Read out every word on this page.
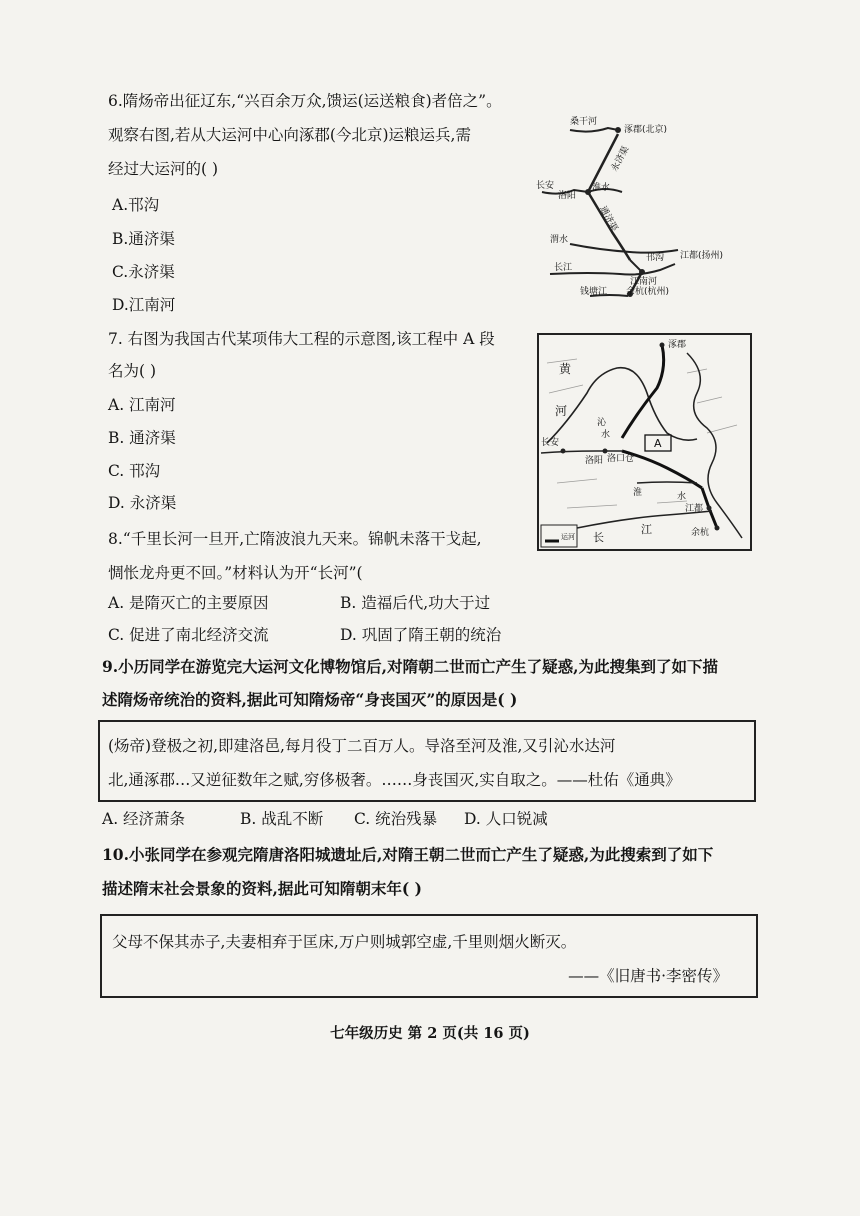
6.隋炀帝出征辽东,“兴百余万众,馈运(运送粮食)者倍之”。
观察右图,若从大运河中心向涿郡(今北京)运粮运兵,需
经过大运河的( )
A.邗沟
B.通济渠
C.永济渠
D.江南河
桑干河
涿郡(北京)
永济渠
长安
洛阳
渭水
通济渠
淮水
邗沟 江都(扬州)
长江
江南河
钱塘江 余杭(杭州)
7. 右图为我国古代某项伟大工程的示意图,该工程中 A 段
名为( )
A. 江南河
B. 通济渠
C. 邗沟
D. 永济渠
涿郡
黄
河
沁
水
长安
洛阳 洛口仓
A
淮	水
江都
余杭
长
江
运河
8.“千里长河一旦开,亡隋波浪九天来。锦帆未落干戈起,
惆怅龙舟更不回。”材料认为开“长河”(
A. 是隋灭亡的主要原因	B. 造福后代,功大于过
C. 促进了南北经济交流	D. 巩固了隋王朝的统治
9.小历同学在游览完大运河文化博物馆后,对隋朝二世而亡产生了疑惑,为此搜集到了如下描
述隋炀帝统治的资料,据此可知隋炀帝“身丧国灭”的原因是( )
(炀帝)登极之初,即建洛邑,每月役丁二百万人。导洛至河及淮,又引沁水达河
北,通涿郡…又逆征数年之赋,穷侈极奢。……身丧国灭,实自取之。——杜佑《通典》
A. 经济萧条	B. 战乱不断 C. 统治残暴 D. 人口锐减
10.小张同学在参观完隋唐洛阳城遗址后,对隋王朝二世而亡产生了疑惑,为此搜索到了如下
描述隋末社会景象的资料,据此可知隋朝末年( )
父母不保其赤子,夫妻相弃于匡床,万户则城郭空虚,千里则烟火断灭。
——《旧唐书·李密传》
七年级历史 第 2 页(共 16 页)
